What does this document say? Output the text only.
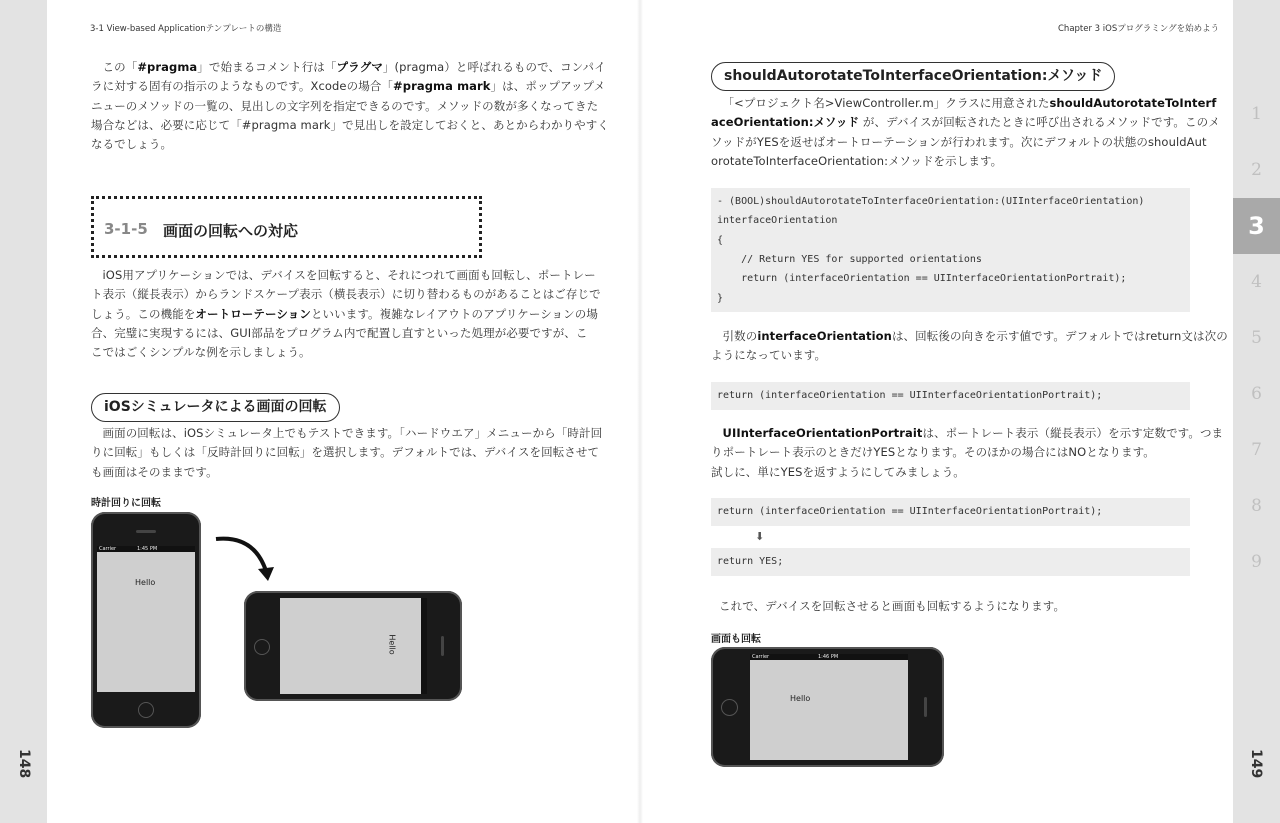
148	149
3-1 View-based Applicationテンプレートの構造	Chapter 3 iOSプログラミングを始めよう
1
2
3
4
5
6
7
8
9
この「#pragma」で始まるコメント行は「プラグマ」(pragma）と呼ばれるもので、コンパイ
ラに対する固有の指示のようなものです。Xcodeの場合「#pragma mark」は、ポップアップメ
ニューのメソッドの一覧の、見出しの文字列を指定できるのです。メソッドの数が多くなってきた
場合などは、必要に応じて「#pragma mark」で見出しを設定しておくと、あとからわかりやすく
なるでしょう。
3-1-5 画面の回転への対応
iOS用アプリケーションでは、デバイスを回転すると、それにつれて画面も回転し、ポートレー
ト表示（縦長表示）からランドスケープ表示（横長表示）に切り替わるものがあることはご存じで
しょう。この機能をオートローテーションといいます。複雑なレイアウトのアプリケーションの場
合、完璧に実現するには、GUI部品をプログラム内で配置し直すといった処理が必要ですが、こ
こではごくシンプルな例を示しましょう。
iOSシミュレータによる画面の回転
画面の回転は、iOSシミュレータ上でもテストできます。「ハードウエア」メニューから「時計回
りに回転」もしくは「反時計回りに回転」を選択します。デフォルトでは、デバイスを回転させて
も画面はそのままです。
時計回りに回転
Carrier	1:45 PM
Hello
Hello
shouldAutorotateToInterfaceOrientation:メソッド
「<プロジェクト名>ViewController.m」クラスに用意されたshouldAutorotateToInterf
aceOrientation:メソッド が、デバイスが回転されたときに呼び出されるメソッドです。このメ
ソッドがYESを返せばオートローテーションが行われます。次にデフォルトの状態のshouldAut
orotateToInterfaceOrientation:メソッドを示します。
- (BOOL)shouldAutorotateToInterfaceOrientation:(UIInterfaceOrientation)
interfaceOrientation
{
// Return YES for supported orientations
return (interfaceOrientation == UIInterfaceOrientationPortrait);
}
引数のinterfaceOrientationは、回転後の向きを示す値です。デフォルトではreturn文は次の
ようになっています。
return (interfaceOrientation == UIInterfaceOrientationPortrait);
UIInterfaceOrientationPortraitは、ポートレート表示（縦長表示）を示す定数です。つま
りポートレート表示のときだけYESとなります。そのほかの場合にはNOとなります。
試しに、単にYESを返すようにしてみましょう。
return (interfaceOrientation == UIInterfaceOrientationPortrait);
⬇
return YES;
これで、デバイスを回転させると画面も回転するようになります。
画面も回転
Carrier	1:46 PM
Hello
